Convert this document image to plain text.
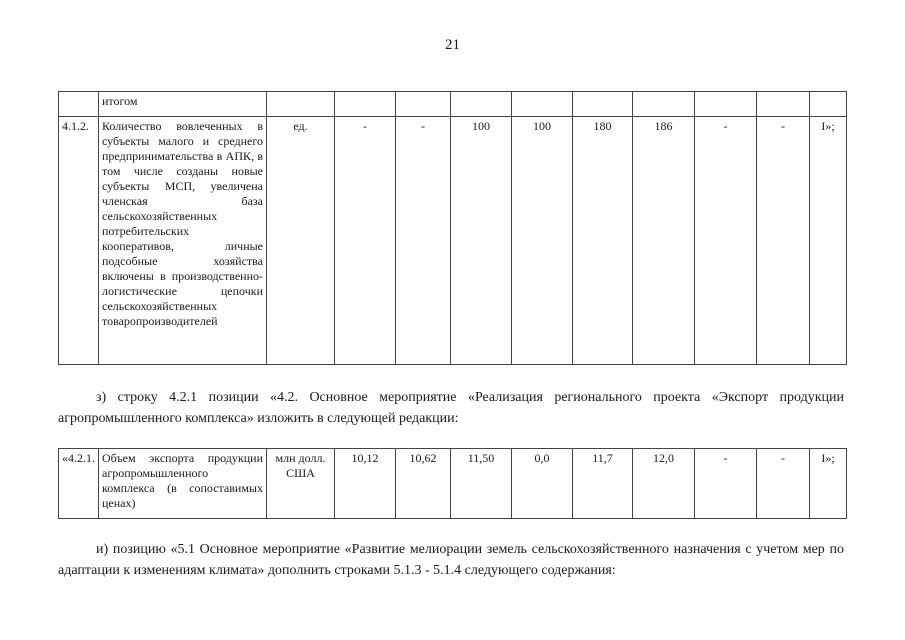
21
	итогом										
4.1.2.	Количество вовлеченных в субъекты малого и среднего предпринимательства в АПК, в том числе созданы новые субъекты МСП, увеличена членская база сельскохозяйственных потребительских кооперативов, личные подсобные хозяйства включены в производственно-логистические цепочки сельскохозяйственных товаропроизводителей	ед.	-	-	100	100	180	186	-	-	I»;
з) строку 4.2.1 позиции «4.2. Основное мероприятие «Реализация регионального проекта «Экспорт продукции агропромышленного комплекса» изложить в следующей редакции:
«4.2.1.	Объем экспорта продукции агропромышленного комплекса (в сопоставимых ценах)	млн долл. США	10,12	10,62	11,50	0,0	11,7	12,0	-	-	I»;
и) позицию «5.1 Основное мероприятие «Развитие мелиорации земель сельскохозяйственного назначения с учетом мер по адаптации к изменениям климата» дополнить строками 5.1.3 - 5.1.4 следующего содержания:
